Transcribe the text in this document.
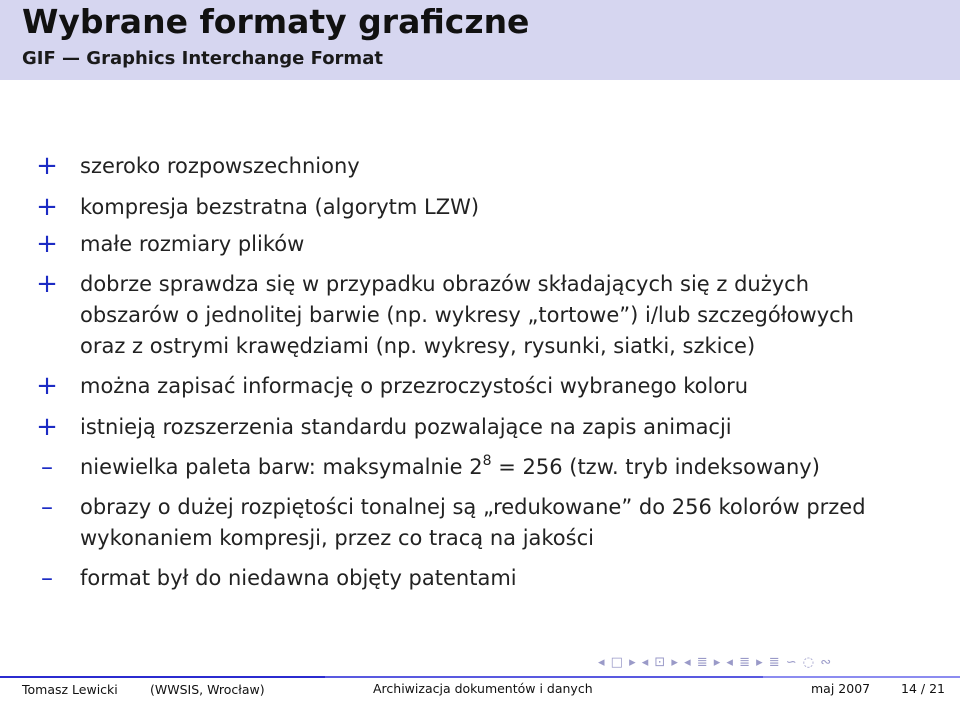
Wybrane formaty graficzne
GIF — Graphics Interchange Format
+ szeroko rozpowszechniony
+ kompresja bezstratna (algorytm LZW)
+ małe rozmiary plików
+ dobrze sprawdza się w przypadku obrazów składających się z dużych
obszarów o jednolitej barwie (np. wykresy „tortowe”) i/lub szczegółowych
oraz z ostrymi krawędziami (np. wykresy, rysunki, siatki, szkice)
+ można zapisać informację o przezroczystości wybranego koloru
+ istnieją rozszerzenia standardu pozwalające na zapis animacji
–	niewielka paleta barw: maksymalnie $2^8 = 256$ (tzw. tryb indeksowany)
–	obrazy o dużej rozpiętości tonalnej są „redukowane” do 256 kolorów przed
wykonaniem kompresji, przez co tracą na jakości
–	format był do niedawna objęty patentami
◂ □ ▸ ◂ ⊡ ▸ ◂ ≣ ▸ ◂ ≣ ▸ ≣ ∽ ◌ ∾
Tomasz Lewicki	(WWSIS, Wrocław)	Archiwizacja dokumentów i danych	maj 2007 14 / 21
